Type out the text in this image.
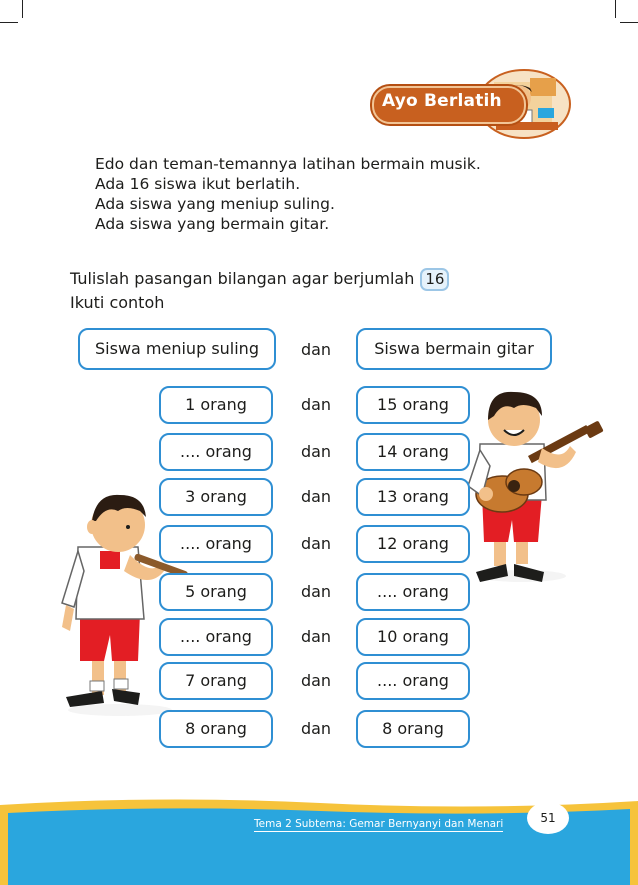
Ayo Berlatih
Edo dan teman-temannya latihan bermain musik.
Ada 16 siswa ikut berlatih.
Ada siswa yang meniup suling.
Ada siswa yang bermain gitar.
Tulislah pasangan bilangan agar berjumlah 16
Ikuti contoh
Siswa meniup suling	dan	Siswa bermain gitar
1 orang	dan	15 orang
.... orang	dan	14 orang
3 orang	dan	13 orang
.... orang	dan	12 orang
5 orang	dan	.... orang
.... orang	dan	10 orang
7 orang	dan	.... orang
8 orang	dan	8 orang
Tema 2 Subtema: Gemar Bernyanyi dan Menari	51
